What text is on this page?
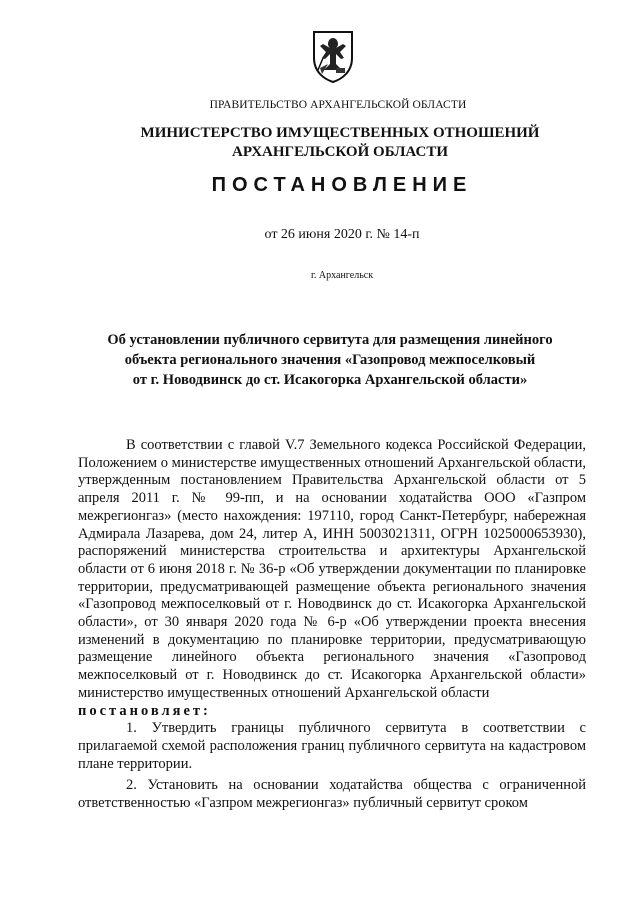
ПРАВИТЕЛЬСТВО АРХАНГЕЛЬСКОЙ ОБЛАСТИ
МИНИСТЕРСТВО ИМУЩЕСТВЕННЫХ ОТНОШЕНИЙ
АРХАНГЕЛЬСКОЙ ОБЛАСТИ
ПОСТАНОВЛЕНИЕ
от 26 июня 2020 г. № 14-п
г. Архангельск
Об установлении публичного сервитута для размещения линейного
объекта регионального значения «Газопровод межпоселковый
от г. Новодвинск до ст. Исакогорка Архангельской области»

В соответствии с главой V.7 Земельного кодекса Российской Федерации, Положением о министерстве имущественных отношений Архангельской области, утвержденным постановлением Правительства Архангельской области от 5 апреля 2011 г. № 99-пп, и на основании ходатайства ООО «Газпром межрегионгаз» (место нахождения: 197110, город Санкт-Петербург, набережная Адмирала Лазарева, дом 24, литер А, ИНН 5003021311, ОГРН 1025000653930), распоряжений министерства строительства и архитектуры Архангельской области от 6 июня 2018 г. № 36-р «Об утверждении документации по планировке территории, предусматривающей размещение объекта регионального значения «Газопровод межпоселковый от г. Новодвинск до ст. Исакогорка Архангельской области», от 30 января 2020 года № 6-р «Об утверждении проекта внесения изменений в документацию по планировке территории, предусматривающую размещение линейного объекта регионального значения «Газопровод межпоселковый от г. Новодвинск до ст. Исакогорка Архангельской области» министерство имущественных отношений Архангельской области

постановляет:

1. Утвердить границы публичного сервитута в соответствии с прилагаемой схемой расположения границ публичного сервитута на кадастровом плане территории.

2. Установить на основании ходатайства общества с ограниченной ответственностью «Газпром межрегионгаз» публичный сервитут сроком
